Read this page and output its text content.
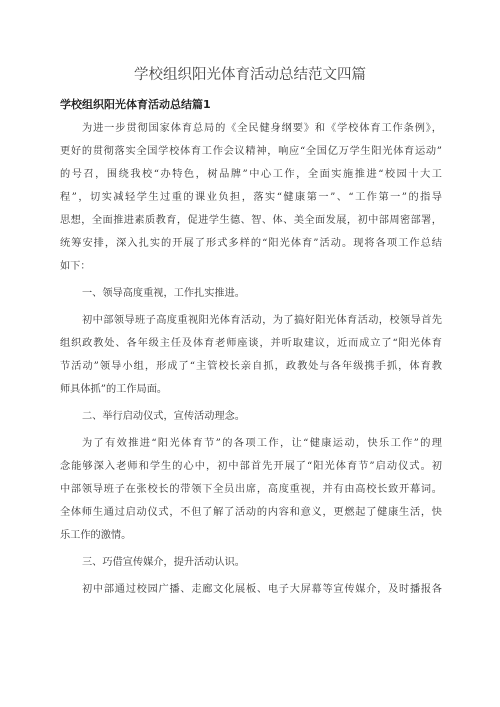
学校组织阳光体育活动总结范文四篇
学校组织阳光体育活动总结篇1
为进一步贯彻国家体育总局的《全民健身纲要》和《学校体育工作条例》，
更好的贯彻落实全国学校体育工作会议精神，响应“全国亿万学生阳光体育运动”
的号召，围绕我校“办特色，树品牌”中心工作，全面实施推进“校园十大工
程”，切实减轻学生过重的课业负担，落实“健康第一”、“工作第一”的指导
思想，全面推进素质教育，促进学生德、智、体、美全面发展，初中部周密部署，
统筹安排，深入扎实的开展了形式多样的“阳光体育”活动。现将各项工作总结
如下：
一、领导高度重视，工作扎实推进。
初中部领导班子高度重视阳光体育活动，为了搞好阳光体育活动，校领导首先
组织政教处、各年级主任及体育老师座谈，并听取建议，近而成立了“阳光体育
节活动”领导小组，形成了“主管校长亲自抓，政教处与各年级携手抓，体育教
师具体抓”的工作局面。
二、举行启动仪式，宣传活动理念。
为了有效推进“阳光体育节”的各项工作，让“健康运动，快乐工作”的理
念能够深入老师和学生的心中，初中部首先开展了“阳光体育节”启动仪式。初
中部领导班子在张校长的带领下全员出席，高度重视，并有由高校长致开幕词。
全体师生通过启动仪式，不但了解了活动的内容和意义，更燃起了健康生活，快
乐工作的激情。
三、巧借宣传媒介，提升活动认识。
初中部通过校园广播、走廊文化展板、电子大屏幕等宣传媒介，及时播报各
